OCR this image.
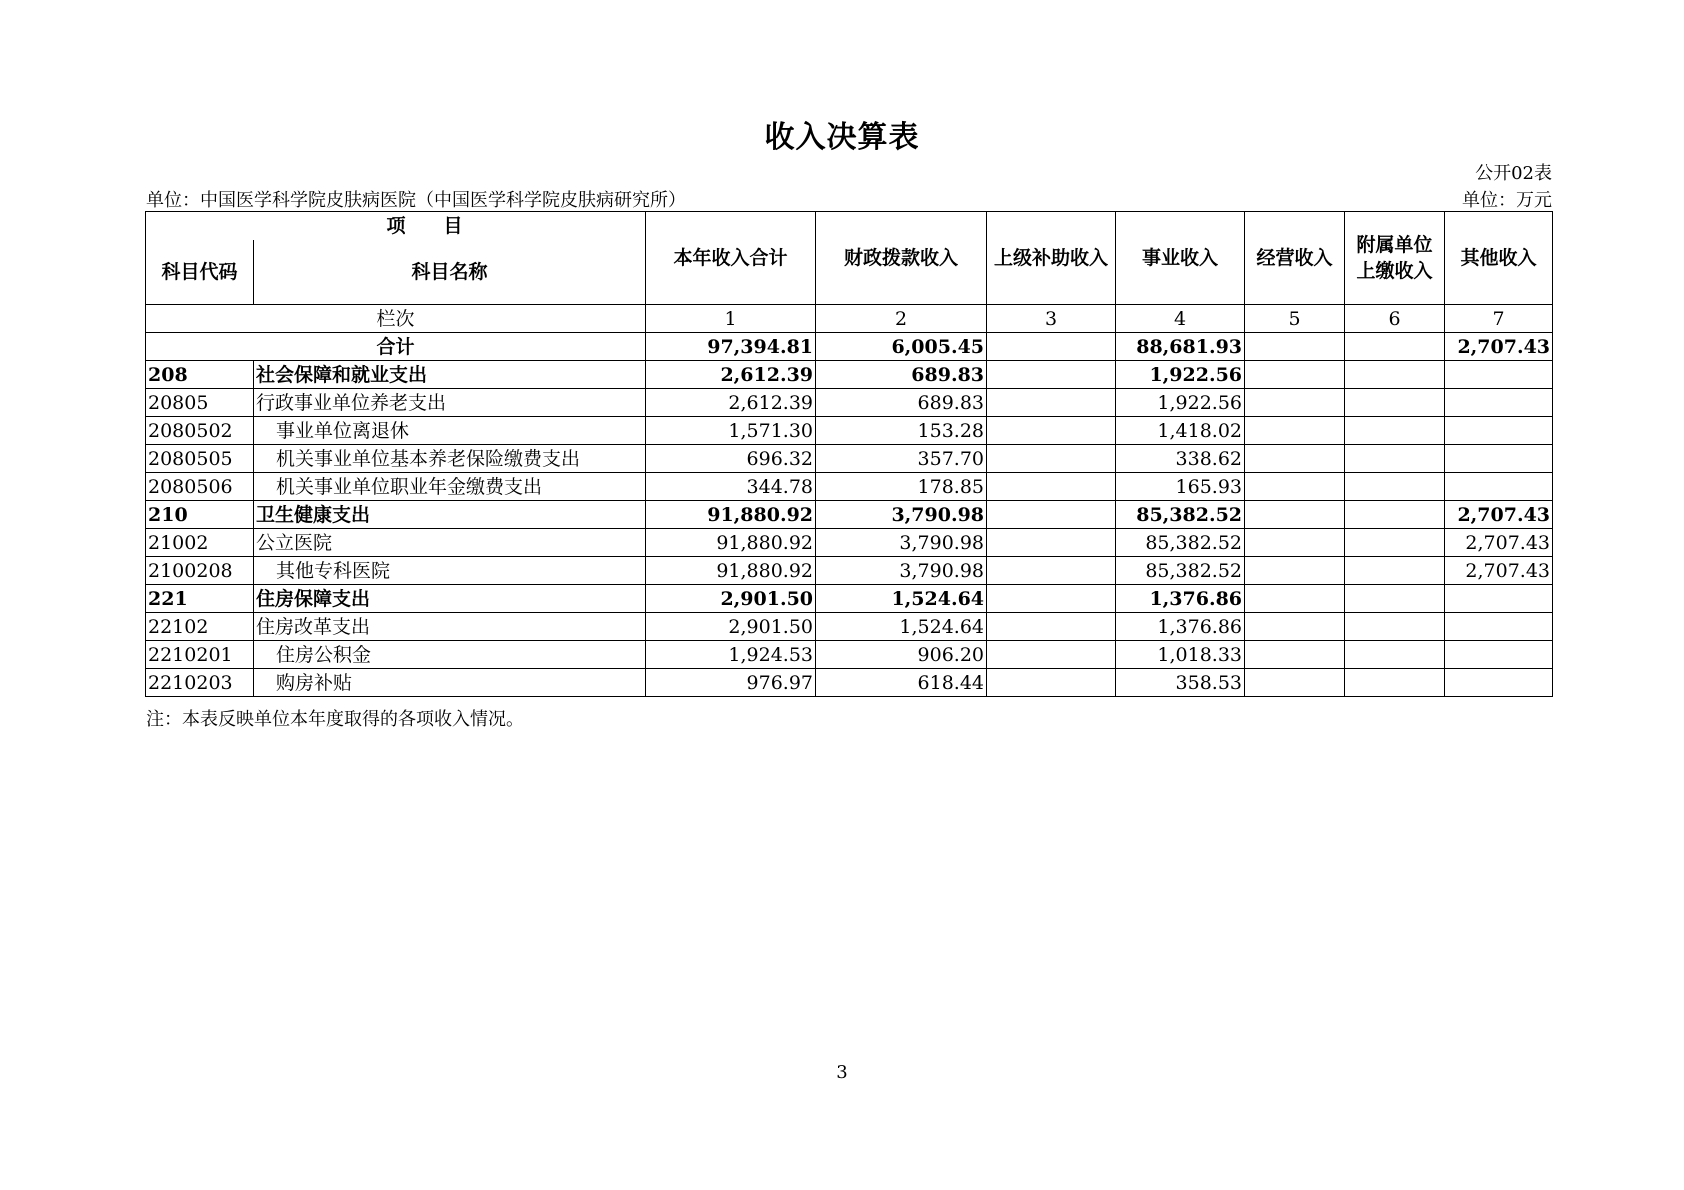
收入决算表
公开02表
单位：中国医学科学院皮肤病医院（中国医学科学院皮肤病研究所）	单位：万元
项　　目		本年收入合计	财政拨款收入	上级补助收入	事业收入	经营收入	附属单位
上缴收入	其他收入
科目代码	科目名称							
栏次		1	2	3	4	5	6	7
合计		97,394.81	6,005.45		88,681.93			2,707.43
208	社会保障和就业支出	2,612.39	689.83		1,922.56			
20805	行政事业单位养老支出	2,612.39	689.83		1,922.56			
2080502	事业单位离退休	1,571.30	153.28		1,418.02			
2080505	机关事业单位基本养老保险缴费支出	696.32	357.70		338.62			
2080506	机关事业单位职业年金缴费支出	344.78	178.85		165.93			
210	卫生健康支出	91,880.92	3,790.98		85,382.52			2,707.43
21002	公立医院	91,880.92	3,790.98		85,382.52			2,707.43
2100208	其他专科医院	91,880.92	3,790.98		85,382.52			2,707.43
221	住房保障支出	2,901.50	1,524.64		1,376.86			
22102	住房改革支出	2,901.50	1,524.64		1,376.86			
2210201	住房公积金	1,924.53	906.20		1,018.33			
2210203	购房补贴	976.97	618.44		358.53			
注：本表反映单位本年度取得的各项收入情况。
3
